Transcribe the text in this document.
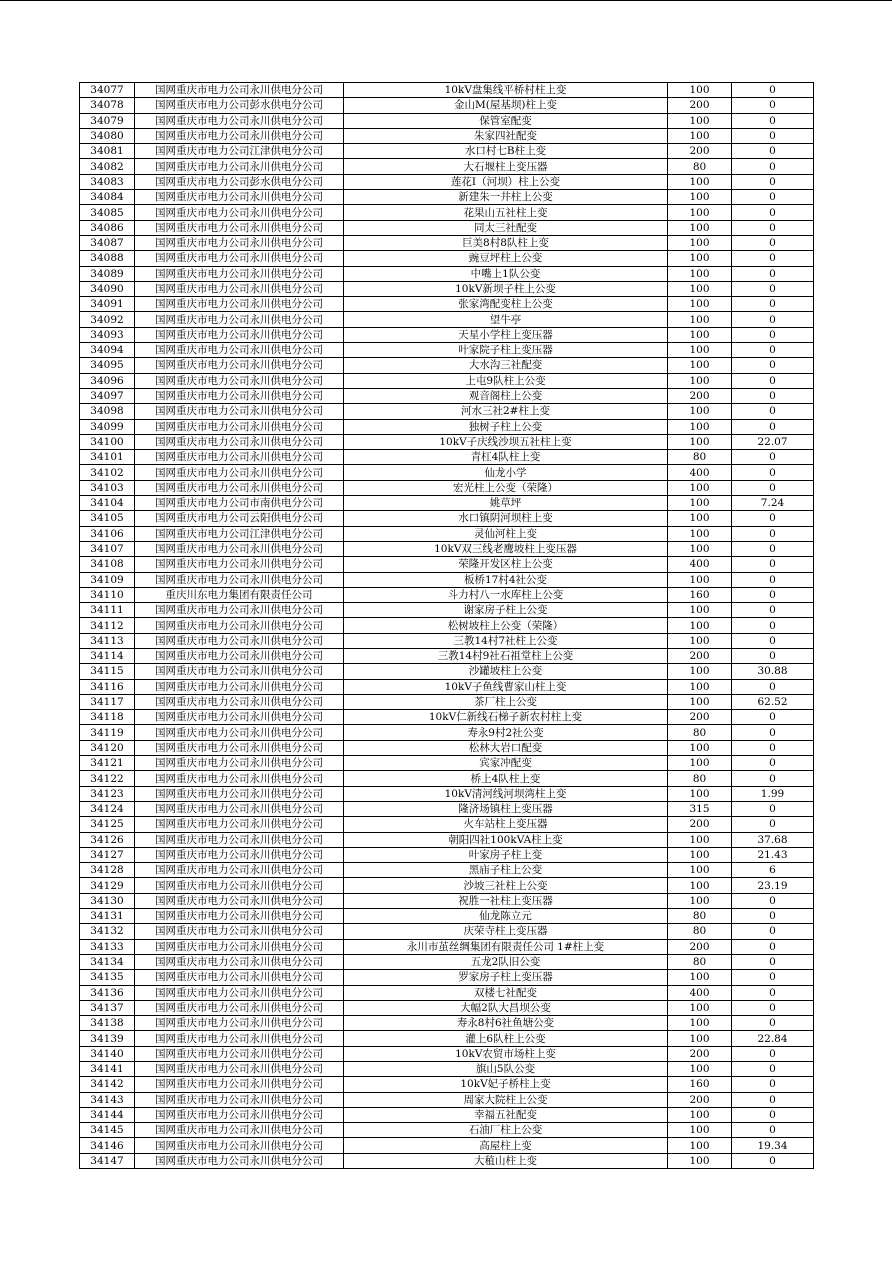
34077	国网重庆市电力公司永川供电分公司	10kV盘集线平桥村柱上变	100	0
34078	国网重庆市电力公司彭水供电分公司	金山M(屋基坝)柱上变	200	0
34079	国网重庆市电力公司永川供电分公司	保管室配变	100	0
34080	国网重庆市电力公司永川供电分公司	朱家四社配变	100	0
34081	国网重庆市电力公司江津供电分公司	水口村七B柱上变	200	0
34082	国网重庆市电力公司永川供电分公司	大石堰柱上变压器	80	0
34083	国网重庆市电力公司彭水供电分公司	莲花I（河坝）柱上公变	100	0
34084	国网重庆市电力公司永川供电分公司	新建朱一井柱上公变	100	0
34085	国网重庆市电力公司永川供电分公司	花果山五社柱上变	100	0
34086	国网重庆市电力公司永川供电分公司	同太三社配变	100	0
34087	国网重庆市电力公司永川供电分公司	巨美8村8队柱上变	100	0
34088	国网重庆市电力公司永川供电分公司	豌豆坪柱上公变	100	0
34089	国网重庆市电力公司永川供电分公司	中嘴上1队公变	100	0
34090	国网重庆市电力公司永川供电分公司	10kV新坝子柱上公变	100	0
34091	国网重庆市电力公司永川供电分公司	张家湾配变柱上公变	100	0
34092	国网重庆市电力公司永川供电分公司	望牛亭	100	0
34093	国网重庆市电力公司永川供电分公司	天星小学柱上变压器	100	0
34094	国网重庆市电力公司永川供电分公司	叶家院子柱上变压器	100	0
34095	国网重庆市电力公司永川供电分公司	大水沟三社配变	100	0
34096	国网重庆市电力公司永川供电分公司	上屯9队柱上公变	100	0
34097	国网重庆市电力公司永川供电分公司	观音阁柱上公变	200	0
34098	国网重庆市电力公司永川供电分公司	河水三社2#柱上变	100	0
34099	国网重庆市电力公司永川供电分公司	独树子柱上公变	100	0
34100	国网重庆市电力公司永川供电分公司	10kV子庆线沙坝五社柱上变	100	22.07
34101	国网重庆市电力公司永川供电分公司	青杠4队柱上变	80	0
34102	国网重庆市电力公司永川供电分公司	仙龙小学	400	0
34103	国网重庆市电力公司永川供电分公司	宏光柱上公变（荣隆）	100	0
34104	国网重庆市电力公司市南供电分公司	姚草坪	100	7.24
34105	国网重庆市电力公司云阳供电分公司	水口镇阴河坝柱上变	100	0
34106	国网重庆市电力公司江津供电分公司	灵仙河柱上变	100	0
34107	国网重庆市电力公司永川供电分公司	10kV双三线老鹰坡柱上变压器	100	0
34108	国网重庆市电力公司永川供电分公司	荣隆开发区柱上公变	400	0
34109	国网重庆市电力公司永川供电分公司	板桥17村4社公变	100	0
34110	重庆川东电力集团有限责任公司	斗力村八一水库柱上公变	160	0
34111	国网重庆市电力公司永川供电分公司	谢家房子柱上公变	100	0
34112	国网重庆市电力公司永川供电分公司	松树坡柱上公变（荣隆）	100	0
34113	国网重庆市电力公司永川供电分公司	三教14村7社柱上公变	100	0
34114	国网重庆市电力公司永川供电分公司	三教14村9社石祖堂柱上公变	200	0
34115	国网重庆市电力公司永川供电分公司	沙罐坡柱上公变	100	30.88
34116	国网重庆市电力公司永川供电分公司	10kV子鱼线曹家山柱上变	100	0
34117	国网重庆市电力公司永川供电分公司	茶厂柱上公变	100	62.52
34118	国网重庆市电力公司永川供电分公司	10kV仁新线石梯子新农村柱上变	200	0
34119	国网重庆市电力公司永川供电分公司	寿永9村2社公变	80	0
34120	国网重庆市电力公司永川供电分公司	松林大岩口配变	100	0
34121	国网重庆市电力公司永川供电分公司	宾家冲配变	100	0
34122	国网重庆市电力公司永川供电分公司	桥上4队柱上变	80	0
34123	国网重庆市电力公司永川供电分公司	10kV清河线河坝湾柱上变	100	1.99
34124	国网重庆市电力公司永川供电分公司	隆济场镇柱上变压器	315	0
34125	国网重庆市电力公司永川供电分公司	火车站柱上变压器	200	0
34126	国网重庆市电力公司永川供电分公司	朝阳四社100kVA柱上变	100	37.68
34127	国网重庆市电力公司永川供电分公司	叶家房子柱上变	100	21.43
34128	国网重庆市电力公司永川供电分公司	黑庙子柱上公变	100	6
34129	国网重庆市电力公司永川供电分公司	沙坡三社柱上公变	100	23.19
34130	国网重庆市电力公司永川供电分公司	祝胜一社柱上变压器	100	0
34131	国网重庆市电力公司永川供电分公司	仙龙陈立元	80	0
34132	国网重庆市电力公司永川供电分公司	庆荣寺柱上变压器	80	0
34133	国网重庆市电力公司永川供电分公司	永川市茧丝绸集团有限责任公司 1#柱上变	200	0
34134	国网重庆市电力公司永川供电分公司	五龙2队旧公变	80	0
34135	国网重庆市电力公司永川供电分公司	罗家房子柱上变压器	100	0
34136	国网重庆市电力公司永川供电分公司	双楼七社配变	400	0
34137	国网重庆市电力公司永川供电分公司	大幅2队大昌坝公变	100	0
34138	国网重庆市电力公司永川供电分公司	寿永8村6社鱼塘公变	100	0
34139	国网重庆市电力公司永川供电分公司	灌上6队柱上公变	100	22.84
34140	国网重庆市电力公司永川供电分公司	10kV农贸市场柱上变	200	0
34141	国网重庆市电力公司永川供电分公司	旗山5队公变	100	0
34142	国网重庆市电力公司永川供电分公司	10kV妃子桥柱上变	160	0
34143	国网重庆市电力公司永川供电分公司	周家大院柱上公变	200	0
34144	国网重庆市电力公司永川供电分公司	幸福五社配变	100	0
34145	国网重庆市电力公司永川供电分公司	石油厂柱上公变	100	0
34146	国网重庆市电力公司永川供电分公司	高屋柱上变	100	19.34
34147	国网重庆市电力公司永川供电分公司	大稙山柱上变	100	0
